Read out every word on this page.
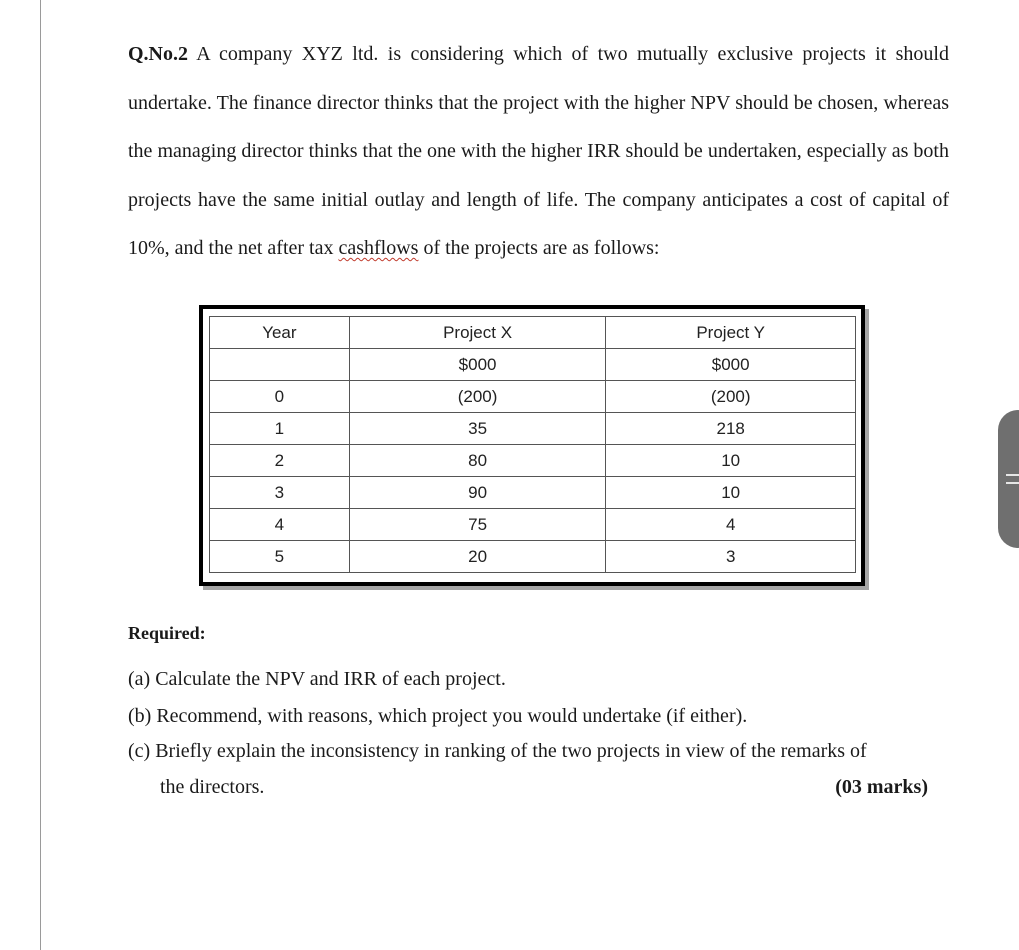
Q.No.2 A company XYZ ltd. is considering which of two mutually exclusive projects it should undertake. The finance director thinks that the project with the higher NPV should be chosen, whereas the managing director thinks that the one with the higher IRR should be undertaken, especially as both projects have the same initial outlay and length of life. The company anticipates a cost of capital of 10%, and the net after tax cashflows of the projects are as follows:

Year	Project X	Project Y
	$000	$000
0	(200)	(200)
1	35	218
2	80	10
3	90	10
4	75	4
5	20	3

Required:

(a) Calculate the NPV and IRR of each project.

(b) Recommend, with reasons, which project you would undertake (if either).

(c) Briefly explain the inconsistency in ranking of the two projects in view of the remarks of

the directors.	(03 marks)
